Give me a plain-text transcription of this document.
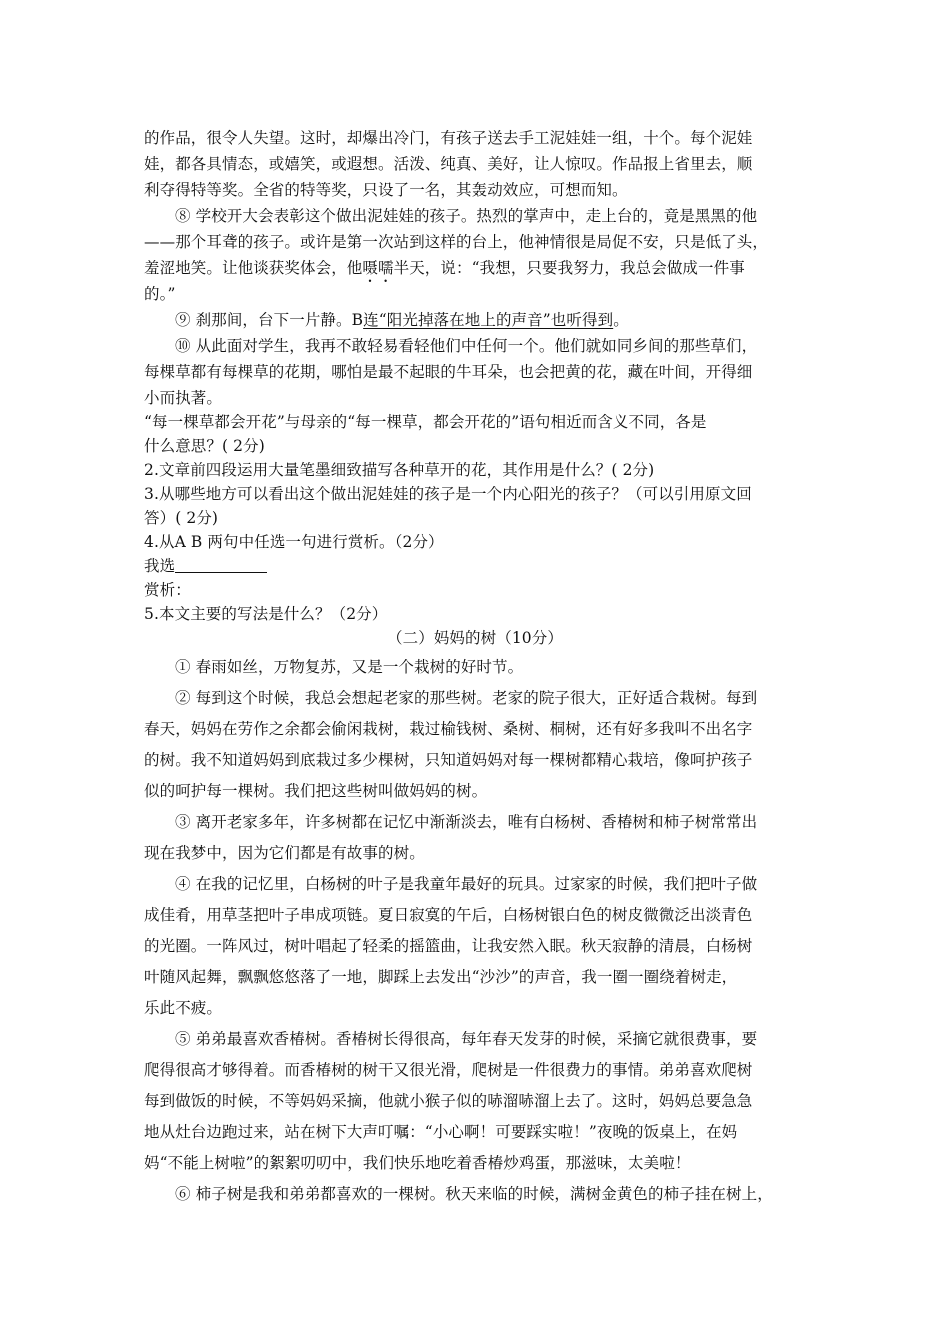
的作品，很令人失望。这时，却爆出冷门，有孩子送去手工泥娃娃一组，十个。每个泥娃
娃，都各具情态，或嬉笑，或遐想。活泼、纯真、美好，让人惊叹。作品报上省里去，顺
利夺得特等奖。全省的特等奖，只设了一名，其轰动效应，可想而知。
⑧ 学校开大会表彰这个做出泥娃娃的孩子。热烈的掌声中，走上台的，竟是黑黑的他
——那个耳聋的孩子。或许是第一次站到这样的台上，他神情很是局促不安，只是低了头，
羞涩地笑。让他谈获奖体会，他嗫嚅半天，说：“我想，只要我努力，我总会做成一件事
的。”
⑨ 刹那间，台下一片静。B连“阳光掉落在地上的声音”也听得到。
⑩ 从此面对学生，我再不敢轻易看轻他们中任何一个。他们就如同乡间的那些草们，
每棵草都有每棵草的花期，哪怕是最不起眼的牛耳朵，也会把黄的花，藏在叶间，开得细
小而执著。
“每一棵草都会开花”与母亲的“每一棵草，都会开花的”语句相近而含义不同，各是
什么意思？( 2分)
2.文章前四段运用大量笔墨细致描写各种草开的花，其作用是什么？( 2分)
3.从哪些地方可以看出这个做出泥娃娃的孩子是一个内心阳光的孩子？（可以引用原文回
答）( 2分)
4.从A B 两句中任选一句进行赏析。（2分）
我选
赏析：
5.本文主要的写法是什么？（2分）
（二）妈妈的树（10分）
① 春雨如丝，万物复苏，又是一个栽树的好时节。
② 每到这个时候，我总会想起老家的那些树。老家的院子很大，正好适合栽树。每到
春天，妈妈在劳作之余都会偷闲栽树，栽过榆钱树、桑树、桐树，还有好多我叫不出名字
的树。我不知道妈妈到底栽过多少棵树，只知道妈妈对每一棵树都精心栽培，像呵护孩子
似的呵护每一棵树。我们把这些树叫做妈妈的树。
③ 离开老家多年，许多树都在记忆中渐渐淡去，唯有白杨树、香椿树和柿子树常常出
现在我梦中，因为它们都是有故事的树。
④ 在我的记忆里，白杨树的叶子是我童年最好的玩具。过家家的时候，我们把叶子做
成佳肴，用草茎把叶子串成项链。夏日寂寞的午后，白杨树银白色的树皮微微泛出淡青色
的光圈。一阵风过，树叶唱起了轻柔的摇篮曲，让我安然入眠。秋天寂静的清晨，白杨树
叶随风起舞，飘飘悠悠落了一地，脚踩上去发出“沙沙”的声音，我一圈一圈绕着树走，
乐此不疲。
⑤ 弟弟最喜欢香椿树。香椿树长得很高，每年春天发芽的时候，采摘它就很费事，要
爬得很高才够得着。而香椿树的树干又很光滑，爬树是一件很费力的事情。弟弟喜欢爬树
每到做饭的时候，不等妈妈采摘，他就小猴子似的哧溜哧溜上去了。这时，妈妈总要急急
地从灶台边跑过来，站在树下大声叮嘱：“小心啊！可要踩实啦！”夜晚的饭桌上，在妈
妈“不能上树啦”的絮絮叨叨中，我们快乐地吃着香椿炒鸡蛋，那滋味，太美啦！
⑥ 柿子树是我和弟弟都喜欢的一棵树。秋天来临的时候，满树金黄色的柿子挂在树上，
